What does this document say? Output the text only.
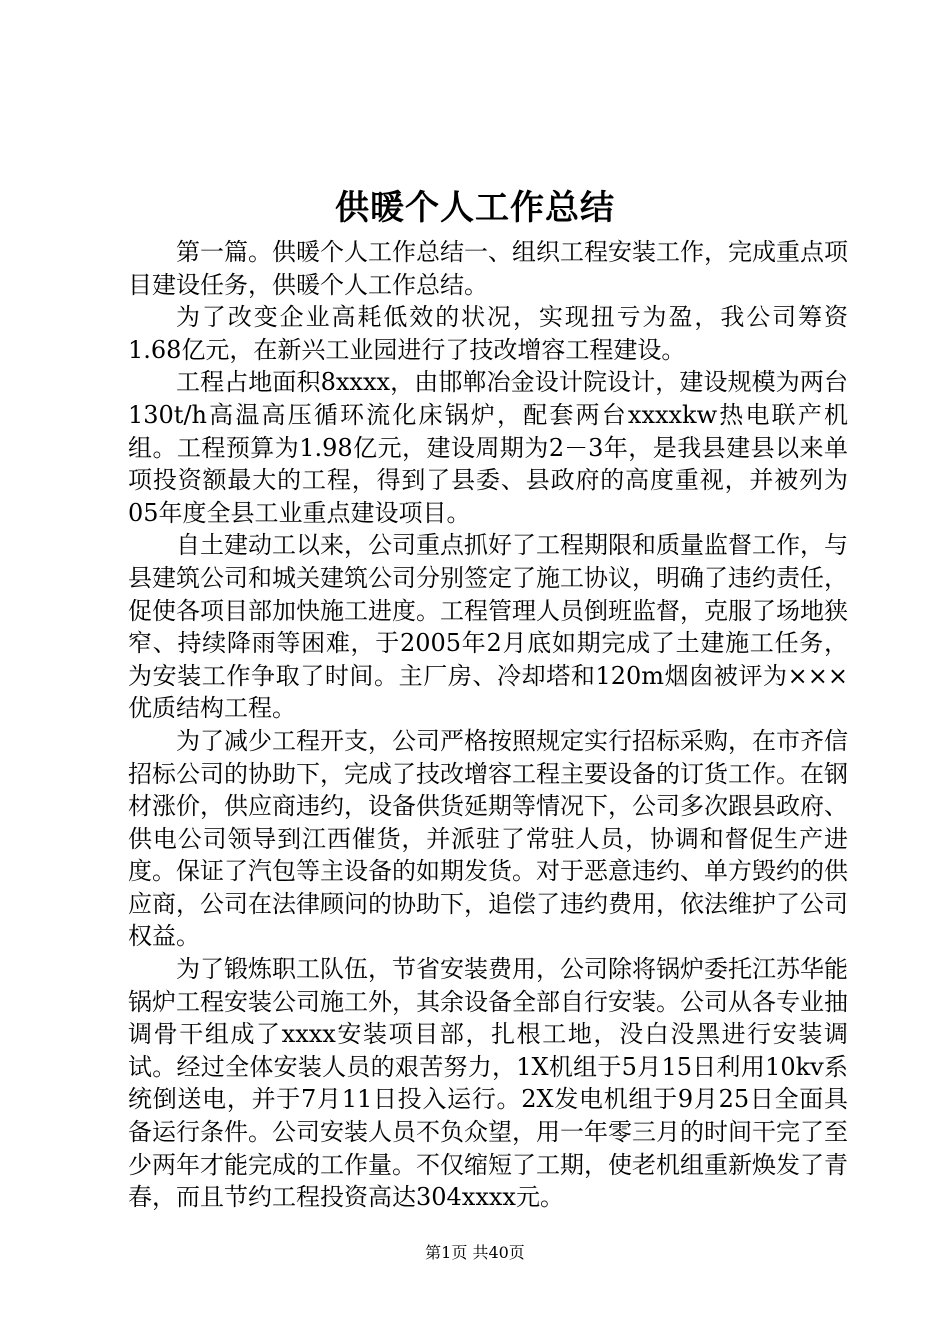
供暖个人工作总结

第一篇。供暖个人工作总结一、组织工程安装工作，完成重点项目建设任务，供暖个人工作总结。

为了改变企业高耗低效的状况，实现扭亏为盈，我公司筹资1.68亿元，在新兴工业园进行了技改增容工程建设。

工程占地面积8xxxx，由邯郸冶金设计院设计，建设规模为两台130t/h高温高压循环流化床锅炉，配套两台xxxxkw热电联产机组。工程预算为1.98亿元，建设周期为2－3年，是我县建县以来单项投资额最大的工程，得到了县委、县政府的高度重视，并被列为05年度全县工业重点建设项目。

自土建动工以来，公司重点抓好了工程期限和质量监督工作，与县建筑公司和城关建筑公司分别签定了施工协议，明确了违约责任，促使各项目部加快施工进度。工程管理人员倒班监督，克服了场地狭窄、持续降雨等困难，于2005年2月底如期完成了土建施工任务，为安装工作争取了时间。主厂房、冷却塔和120m烟囱被评为×××优质结构工程。

为了减少工程开支，公司严格按照规定实行招标采购，在市齐信招标公司的协助下，完成了技改增容工程主要设备的订货工作。在钢材涨价，供应商违约，设备供货延期等情况下，公司多次跟县政府、供电公司领导到江西催货，并派驻了常驻人员，协调和督促生产进度。保证了汽包等主设备的如期发货。对于恶意违约、单方毁约的供应商，公司在法律顾问的协助下，追偿了违约费用，依法维护了公司权益。

为了锻炼职工队伍，节省安装费用，公司除将锅炉委托江苏华能锅炉工程安装公司施工外，其余设备全部自行安装。公司从各专业抽调骨干组成了xxxx安装项目部，扎根工地，没白没黑进行安装调试。经过全体安装人员的艰苦努力，1X机组于5月15日利用10kv系统倒送电，并于7月11日投入运行。2X发电机组于9月25日全面具备运行条件。公司安装人员不负众望，用一年零三月的时间干完了至少两年才能完成的工作量。不仅缩短了工期，使老机组重新焕发了青春，而且节约工程投资高达304xxxx元。

第1页 共40页
